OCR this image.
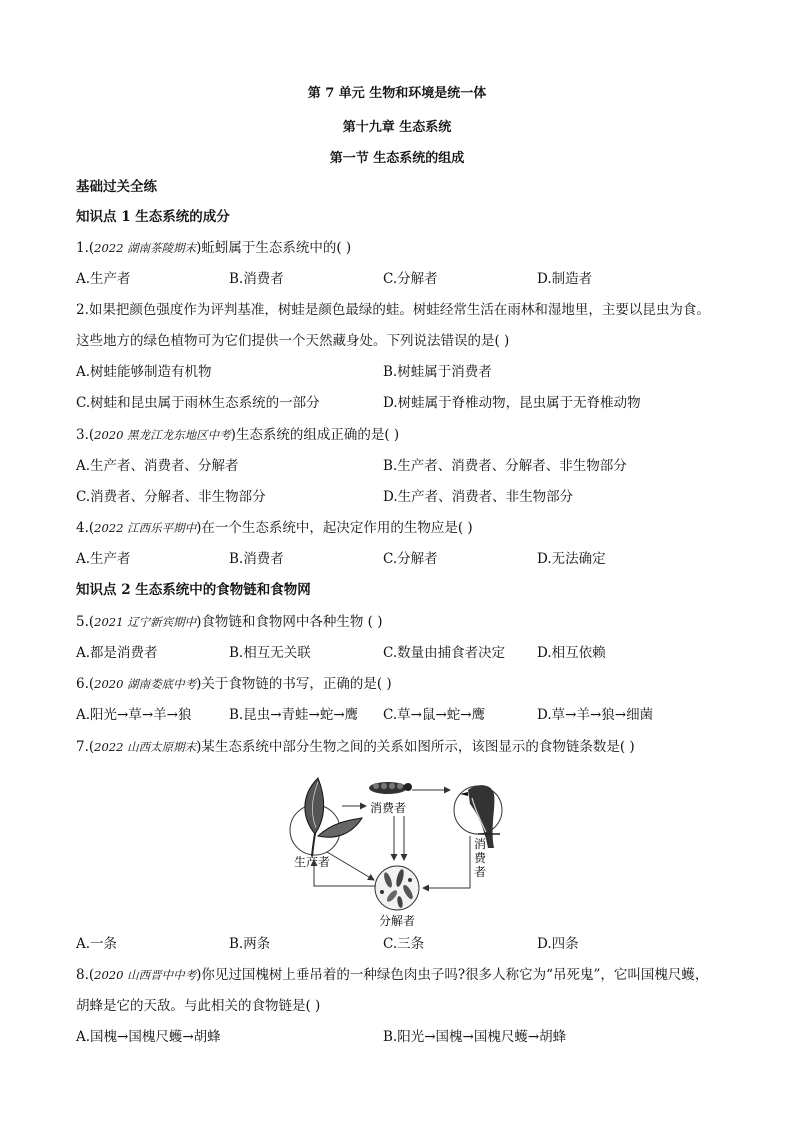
第 7 单元 生物和环境是统一体
第十九章 生态系统
第一节 生态系统的组成
基础过关全练
知识点 1 生态系统的成分
1.(2022 湖南茶陵期末)蚯蚓属于生态系统中的( )
A.生产者	B.消费者	C.分解者	D.制造者
2.如果把颜色强度作为评判基准，树蛙是颜色最绿的蛙。树蛙经常生活在雨林和湿地里，主要以昆虫为食。
这些地方的绿色植物可为它们提供一个天然藏身处。下列说法错误的是( )
A.树蛙能够制造有机物	B.树蛙属于消费者
C.树蛙和昆虫属于雨林生态系统的一部分	D.树蛙属于脊椎动物，昆虫属于无脊椎动物
3.(2020 黑龙江龙东地区中考)生态系统的组成正确的是( )
A.生产者、消费者、分解者	B.生产者、消费者、分解者、非生物部分
C.消费者、分解者、非生物部分	D.生产者、消费者、非生物部分
4.(2022 江西乐平期中)在一个生态系统中，起决定作用的生物应是( )
A.生产者	B.消费者	C.分解者	D.无法确定
知识点 2 生态系统中的食物链和食物网
5.(2021 辽宁新宾期中)食物链和食物网中各种生物 ( )
A.都是消费者	B.相互无关联	C.数量由捕食者决定 D.相互依赖
6.(2020 湖南娄底中考)关于食物链的书写，正确的是( )
A.阳光→草→羊→狼	B.昆虫→青蛙→蛇→鹰 C.草→鼠→蛇→鹰	D.草→羊→狼→细菌
7.(2022 山西太原期末)某生态系统中部分生物之间的关系如图所示，该图显示的食物链条数是( )
生产者
消费者
消
费
者
分解者
A.一条	B.两条	C.三条	D.四条
8.(2020 山西晋中中考)你见过国槐树上垂吊着的一种绿色肉虫子吗?很多人称它为“吊死鬼”，它叫国槐尺蠖，
胡蜂是它的天敌。与此相关的食物链是( )
A.国槐→国槐尺蠖→胡蜂	B.阳光→国槐→国槐尺蠖→胡蜂
